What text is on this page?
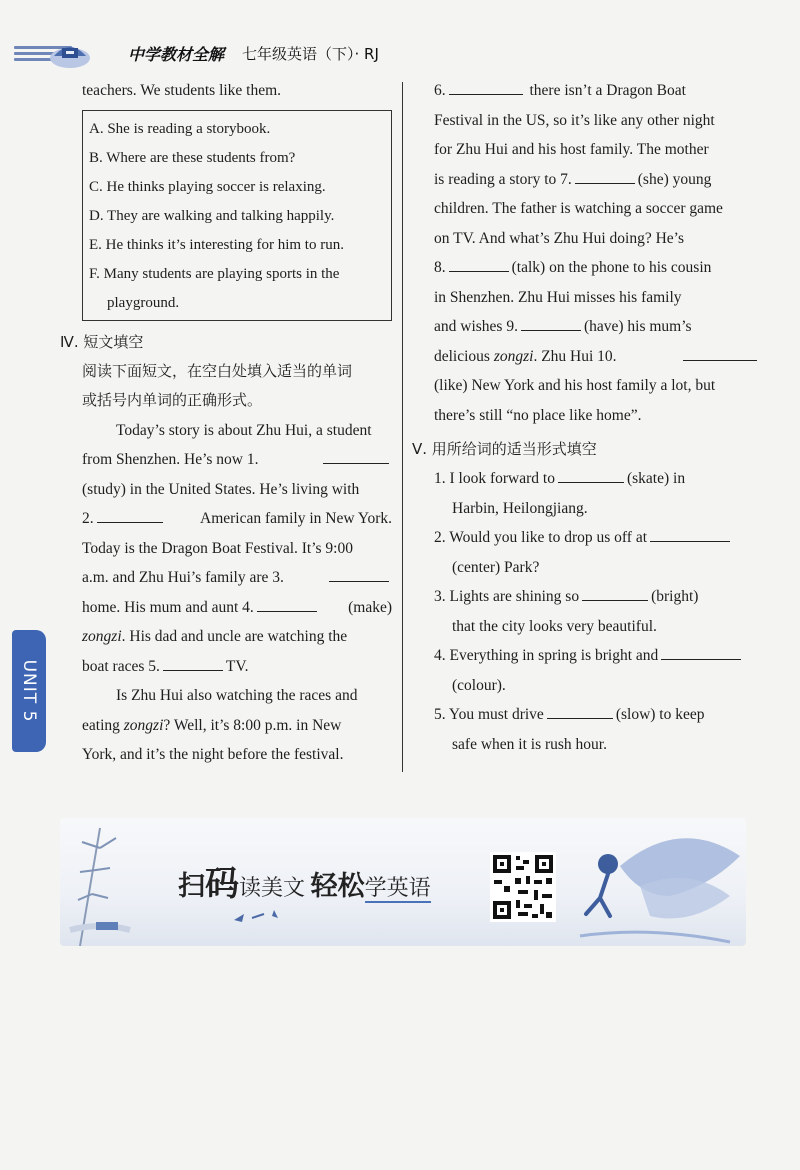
中学教材全解 七年级英语（下）· RJ
teachers. We students like them.
A. She is reading a storybook.
B. Where are these students from?
C. He thinks playing soccer is relaxing.
D. They are walking and talking happily.
E. He thinks it’s interesting for him to run.
F. Many students are playing sports in the
playground.
Ⅳ. 短文填空
阅读下面短文，在空白处填入适当的单词
或括号内单词的正确形式。
Today’s story is about Zhu Hui, a student
from Shenzhen. He’s now 1.
(study) in the United States. He’s living with
2.	American family in New York.
Today is the Dragon Boat Festival. It’s 9:00
a.m. and Zhu Hui’s family are 3.
home. His mum and aunt 4.	(make)
zongzi. His dad and uncle are watching the
boat races 5.	TV.
Is Zhu Hui also watching the races and
eating zongzi? Well, it’s 8:00 p.m. in New
York, and it’s the night before the festival.
6.	there isn’t a Dragon Boat
Festival in the US, so it’s like any other night
for Zhu Hui and his host family. The mother
is reading a story to 7.	(she) young
children. The father is watching a soccer game
on TV. And what’s Zhu Hui doing? He’s
8.	(talk) on the phone to his cousin
in Shenzhen. Zhu Hui misses his family
and wishes 9.	(have) his mum’s
delicious zongzi. Zhu Hui 10.
(like) New York and his host family a lot, but
there’s still “no place like home”.
Ⅴ. 用所给词的适当形式填空
1. I look forward to	(skate) in
Harbin, Heilongjiang.
2. Would you like to drop us off at
(center) Park?
3. Lights are shining so	(bright)
that the city looks very beautiful.
4. Everything in spring is bright and
(colour).
5. You must drive	(slow) to keep
safe when it is rush hour.
UNIT 5
扫码读美文 轻松学英语
